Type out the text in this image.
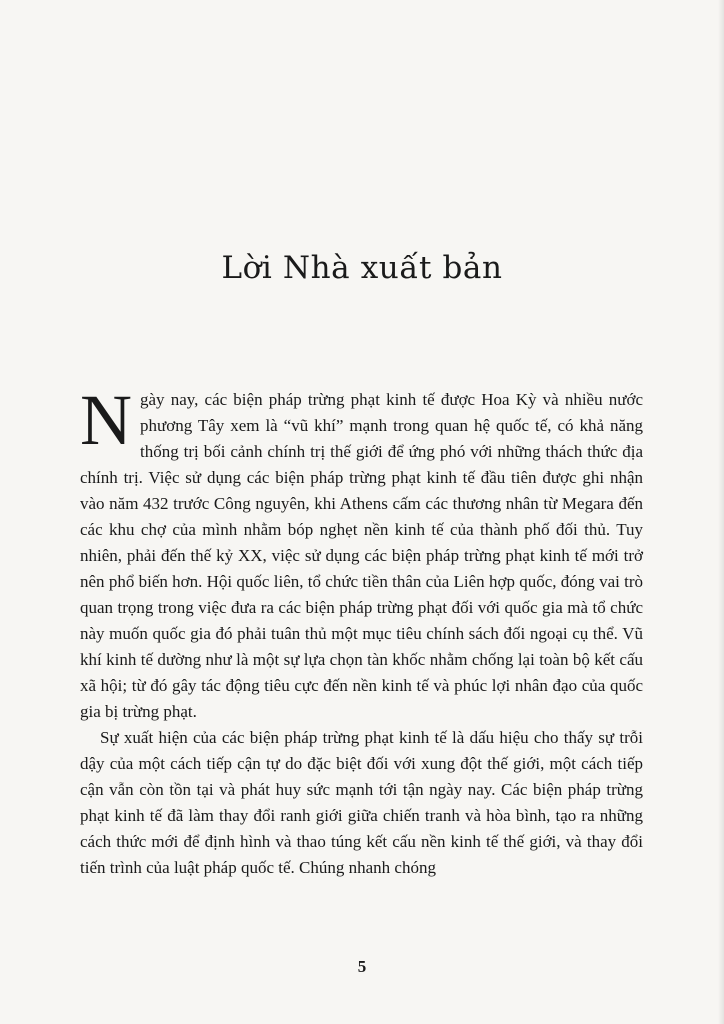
Lời Nhà xuất bản

Ngày nay, các biện pháp trừng phạt kinh tế được Hoa Kỳ và nhiều nước phương Tây xem là “vũ khí” mạnh trong quan hệ quốc tế, có khả năng thống trị bối cảnh chính trị thế giới để ứng phó với những thách thức địa chính trị. Việc sử dụng các biện pháp trừng phạt kinh tế đầu tiên được ghi nhận vào năm 432 trước Công nguyên, khi Athens cấm các thương nhân từ Megara đến các khu chợ của mình nhằm bóp nghẹt nền kinh tế của thành phố đối thủ. Tuy nhiên, phải đến thế kỷ XX, việc sử dụng các biện pháp trừng phạt kinh tế mới trở nên phổ biến hơn. Hội quốc liên, tổ chức tiền thân của Liên hợp quốc, đóng vai trò quan trọng trong việc đưa ra các biện pháp trừng phạt đối với quốc gia mà tổ chức này muốn quốc gia đó phải tuân thủ một mục tiêu chính sách đối ngoại cụ thể. Vũ khí kinh tế dường như là một sự lựa chọn tàn khốc nhằm chống lại toàn bộ kết cấu xã hội; từ đó gây tác động tiêu cực đến nền kinh tế và phúc lợi nhân đạo của quốc gia bị trừng phạt.

Sự xuất hiện của các biện pháp trừng phạt kinh tế là dấu hiệu cho thấy sự trỗi dậy của một cách tiếp cận tự do đặc biệt đối với xung đột thế giới, một cách tiếp cận vẫn còn tồn tại và phát huy sức mạnh tới tận ngày nay. Các biện pháp trừng phạt kinh tế đã làm thay đổi ranh giới giữa chiến tranh và hòa bình, tạo ra những cách thức mới để định hình và thao túng kết cấu nền kinh tế thế giới, và thay đổi tiến trình của luật pháp quốc tế. Chúng nhanh chóng

5
